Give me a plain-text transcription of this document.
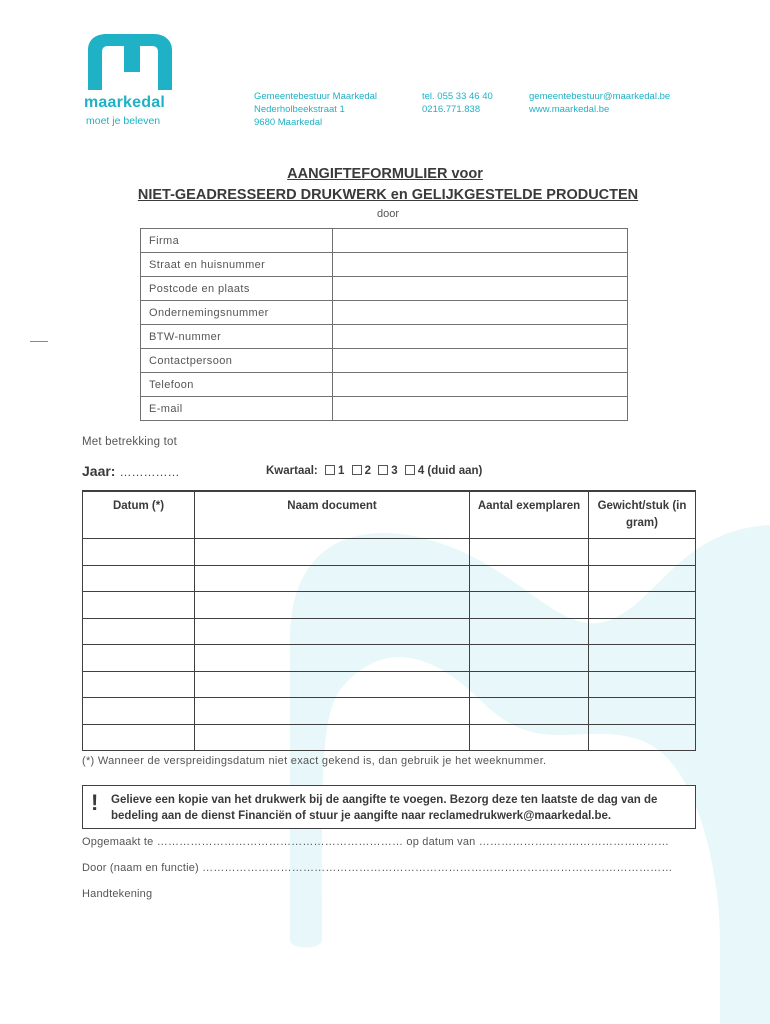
maarkedal
moet je beleven
Gemeentebestuur Maarkedal
Nederholbeekstraat 1
9680 Maarkedal
tel. 055 33 46 40
0216.771.838
gemeentebestuur@maarkedal.be
www.maarkedal.be
AANGIFTEFORMULIER voor
NIET-GEADRESSEERD DRUKWERK en GELIJKGESTELDE PRODUCTEN
door
Firma	
Straat en huisnummer	
Postcode en plaats	
Ondernemingsnummer	
BTW-nummer	
Contactpersoon	
Telefoon	
E-mail	
Met betrekking tot
Jaar: ……………	Kwartaal: 1 2 3 4 (duid aan)
Datum (*)	Naam document	Aantal exemplaren	Gewicht/stuk (in gram)

(*) Wanneer de verspreidingsdatum niet exact gekend is, dan gebruik je het weeknummer.
! Gelieve een kopie van het drukwerk bij de aangifte te voegen. Bezorg deze ten laatste de dag van de bedeling aan de dienst Financiën of stuur je aangifte naar reclamedrukwerk@maarkedal.be.
Opgemaakt te ………………………………………………………… op datum van ……………………………………………
Door (naam en functie) ………………………………………………………………………………………………………………
Handtekening
